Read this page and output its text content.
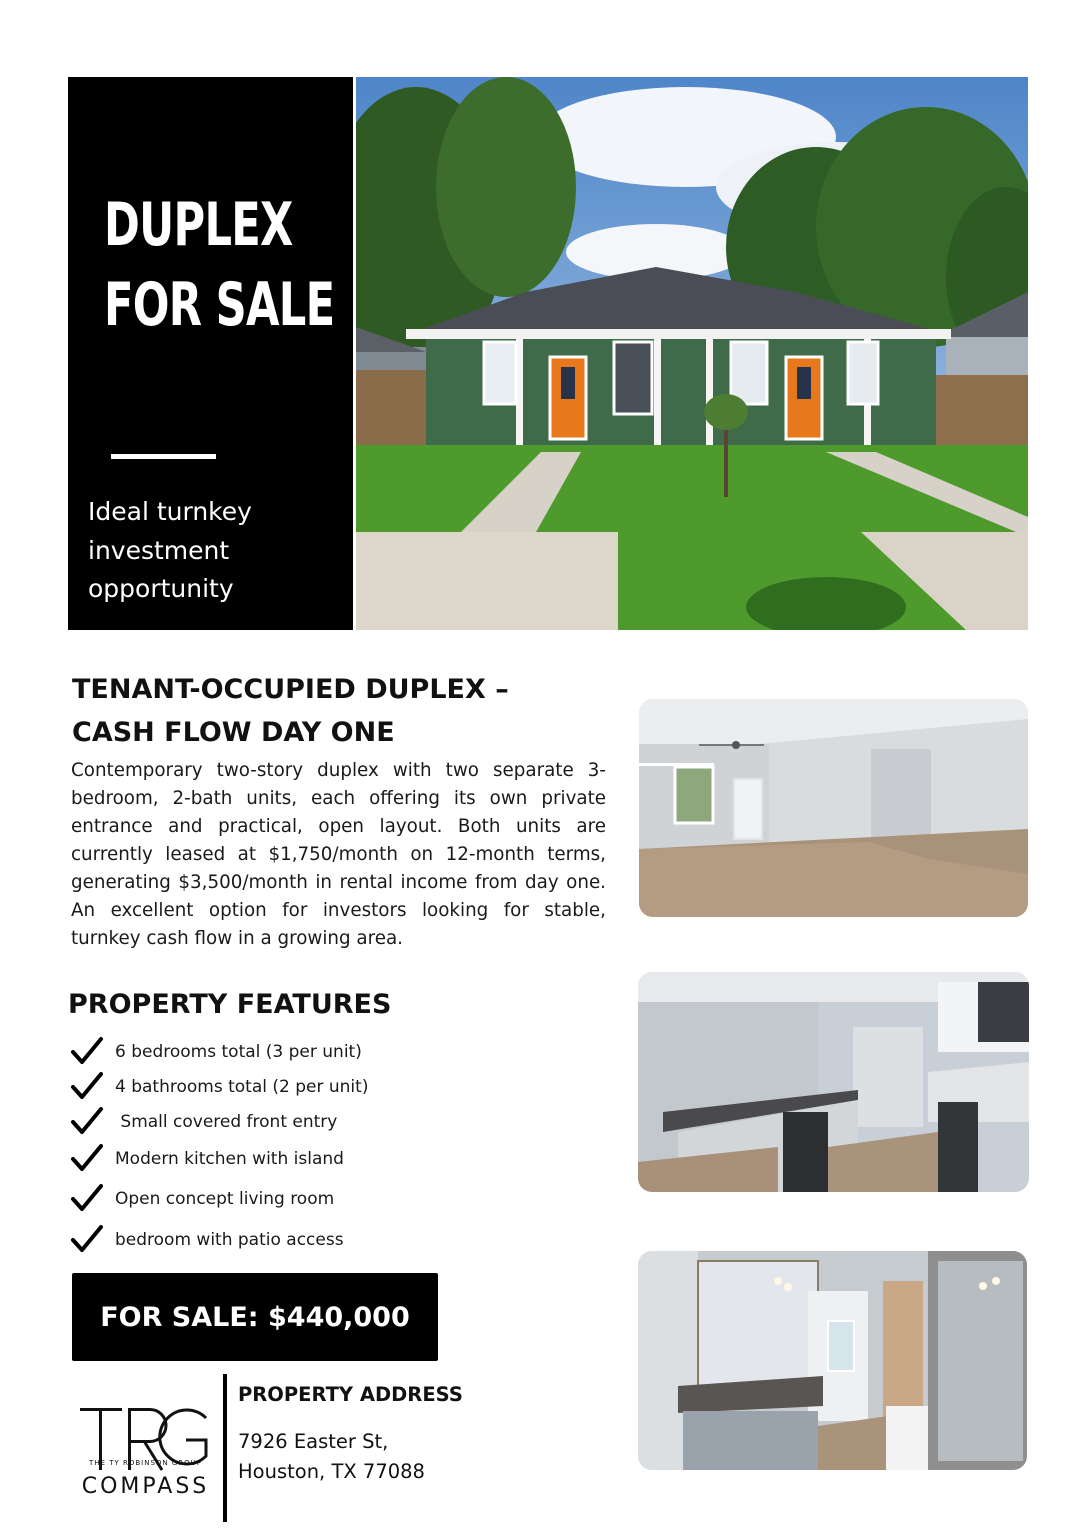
DUPLEX
FOR SALE
Ideal turnkey investment opportunity
TENANT-OCCUPIED DUPLEX –
CASH FLOW DAY ONE

Contemporary two-story duplex with two separate 3-bedroom, 2-bath units, each offering its own private entrance and practical, open layout. Both units are currently leased at $1,750/month on 12-month terms, generating $3,500/month in rental income from day one. An excellent option for investors looking for stable, turnkey cash flow in a growing area.

PROPERTY FEATURES
6 bedrooms total (3 per unit)
4 bathrooms total (2 per unit)
Small covered front entry
Modern kitchen with island
Open concept living room
bedroom with patio access
FOR SALE: $440,000
THE TY ROBINSON GROUP
COMPASS
PROPERTY ADDRESS
7926 Easter St,
Houston, TX 77088
